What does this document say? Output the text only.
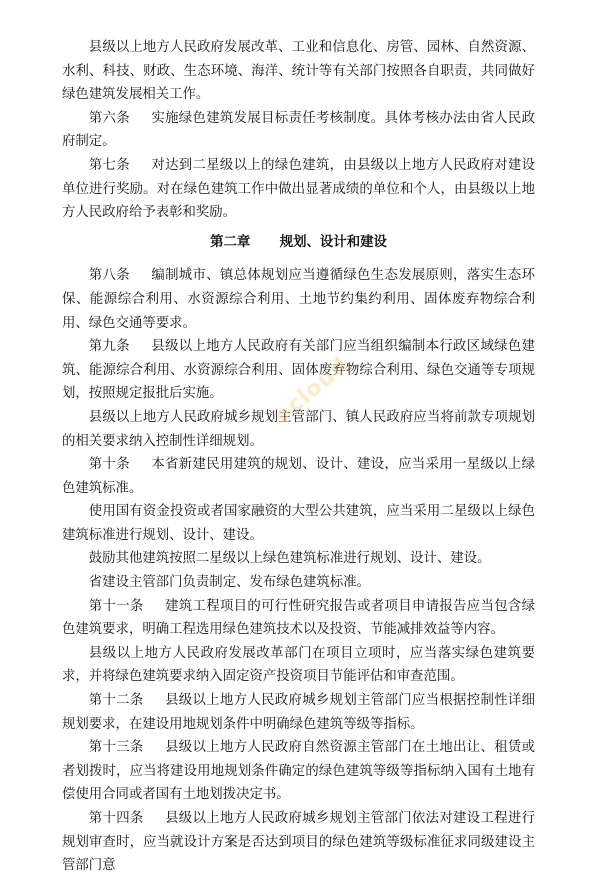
县级以上地方人民政府发展改革、工业和信息化、房管、园林、自然资源、水利、科技、财政、生态环境、海洋、统计等有关部门按照各自职责，共同做好绿色建筑发展相关工作。

第六条 实施绿色建筑发展目标责任考核制度。具体考核办法由省人民政府制定。

第七条 对达到二星级以上的绿色建筑，由县级以上地方人民政府对建设单位进行奖励。对在绿色建筑工作中做出显著成绩的单位和个人，由县级以上地方人民政府给予表彰和奖励。

第二章 规划、设计和建设

第八条 编制城市、镇总体规划应当遵循绿色生态发展原则，落实生态环保、能源综合利用、水资源综合利用、土地节约集约利用、固体废弃物综合利用、绿色交通等要求。

第九条 县级以上地方人民政府有关部门应当组织编制本行政区域绿色建筑、能源综合利用、水资源综合利用、固体废弃物综合利用、绿色交通等专项规划，按照规定报批后实施。

县级以上地方人民政府城乡规划主管部门、镇人民政府应当将前款专项规划的相关要求纳入控制性详细规划。

第十条 本省新建民用建筑的规划、设计、建设，应当采用一星级以上绿色建筑标准。

使用国有资金投资或者国家融资的大型公共建筑，应当采用二星级以上绿色建筑标准进行规划、设计、建设。

鼓励其他建筑按照二星级以上绿色建筑标准进行规划、设计、建设。

省建设主管部门负责制定、发布绿色建筑标准。

第十一条 建筑工程项目的可行性研究报告或者项目申请报告应当包含绿色建筑要求，明确工程选用绿色建筑技术以及投资、节能减排效益等内容。

县级以上地方人民政府发展改革部门在项目立项时，应当落实绿色建筑要求，并将绿色建筑要求纳入固定资产投资项目节能评估和审查范围。

第十二条 县级以上地方人民政府城乡规划主管部门应当根据控制性详细规划要求，在建设用地规划条件中明确绿色建筑等级等指标。

第十三条 县级以上地方人民政府自然资源主管部门在土地出让、租赁或者划拨时，应当将建设用地规划条件确定的绿色建筑等级等指标纳入国有土地有偿使用合同或者国有土地划拨决定书。

第十四条 县级以上地方人民政府城乡规划主管部门依法对建设工程进行规划审查时，应当就设计方案是否达到项目的绿色建筑等级标准征求同级建设主管部门意

ocloud
